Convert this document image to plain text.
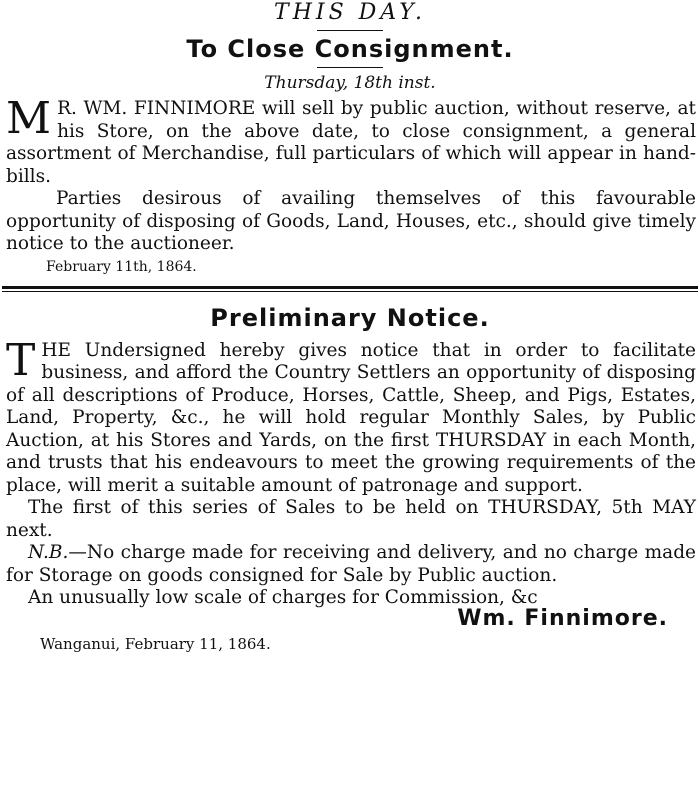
THIS DAY.
To Close Consignment.
Thursday, 18th inst.

M R. WM. FINNIMORE will sell by public auction, without reserve, at his Store, on the above date, to close consignment, a general assortment of Merchandise, full particulars of which will appear in hand-bills.

Parties desirous of availing themselves of this favourable opportunity of disposing of Goods, Land, Houses, etc., should give timely notice to the auctioneer.

February 11th, 1864.
Preliminary Notice.

THE Undersigned hereby gives notice that in order to facilitate business, and afford the Country Settlers an opportunity of disposing of all descriptions of Produce, Horses, Cattle, Sheep, and Pigs, Estates, Land, Property, &c., he will hold regular Monthly Sales, by Public Auction, at his Stores and Yards, on the first THURSDAY in each Month, and trusts that his endeavours to meet the growing requirements of the place, will merit a suitable amount of patronage and support.

The first of this series of Sales to be held on THURSDAY, 5th MAY next.

N.B.—No charge made for receiving and delivery, and no charge made for Storage on goods consigned for Sale by Public auction.

An unusually low scale of charges for Commission, &c

Wm. Finnimore.
Wanganui, February 11, 1864.
